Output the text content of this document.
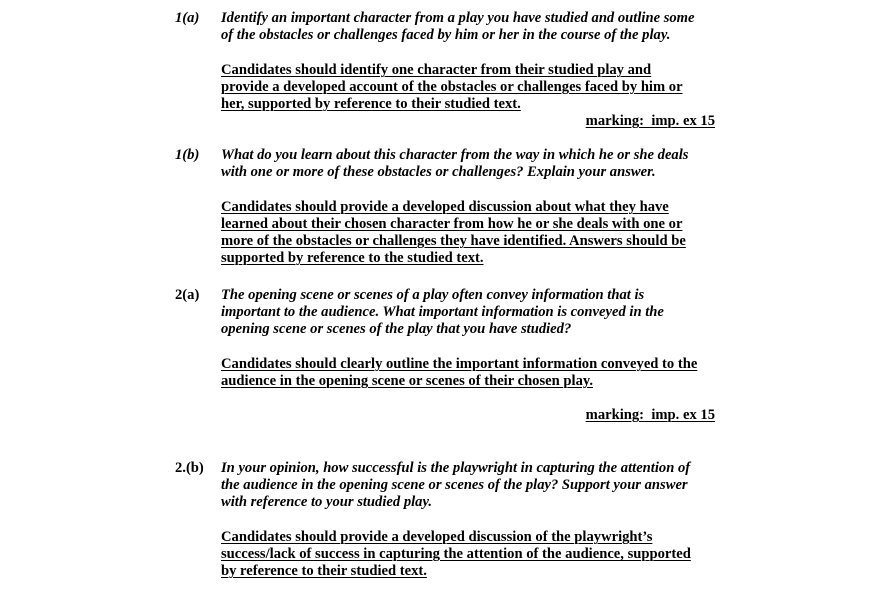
1(a) Identify an important character from a play you have studied and outline some
of the obstacles or challenges faced by him or her in the course of the play.
Candidates should identify one character from their studied play and
provide a developed account of the obstacles or challenges faced by him or
her, supported by reference to their studied text.
marking:  imp. ex 15
1(b) What do you learn about this character from the way in which he or she deals
with one or more of these obstacles or challenges? Explain your answer.
Candidates should provide a developed discussion about what they have
learned about their chosen character from how he or she deals with one or
more of the obstacles or challenges they have identified. Answers should be
supported by reference to the studied text.
2(a) The opening scene or scenes of a play often convey information that is
important to the audience. What important information is conveyed in the
opening scene or scenes of the play that you have studied?
Candidates should clearly outline the important information conveyed to the
audience in the opening scene or scenes of their chosen play.
marking:  imp. ex 15
2.(b) In your opinion, how successful is the playwright in capturing the attention of
the audience in the opening scene or scenes of the play? Support your answer
with reference to your studied play.
Candidates should provide a developed discussion of the playwright’s
success/lack of success in capturing the attention of the audience, supported
by reference to their studied text.
